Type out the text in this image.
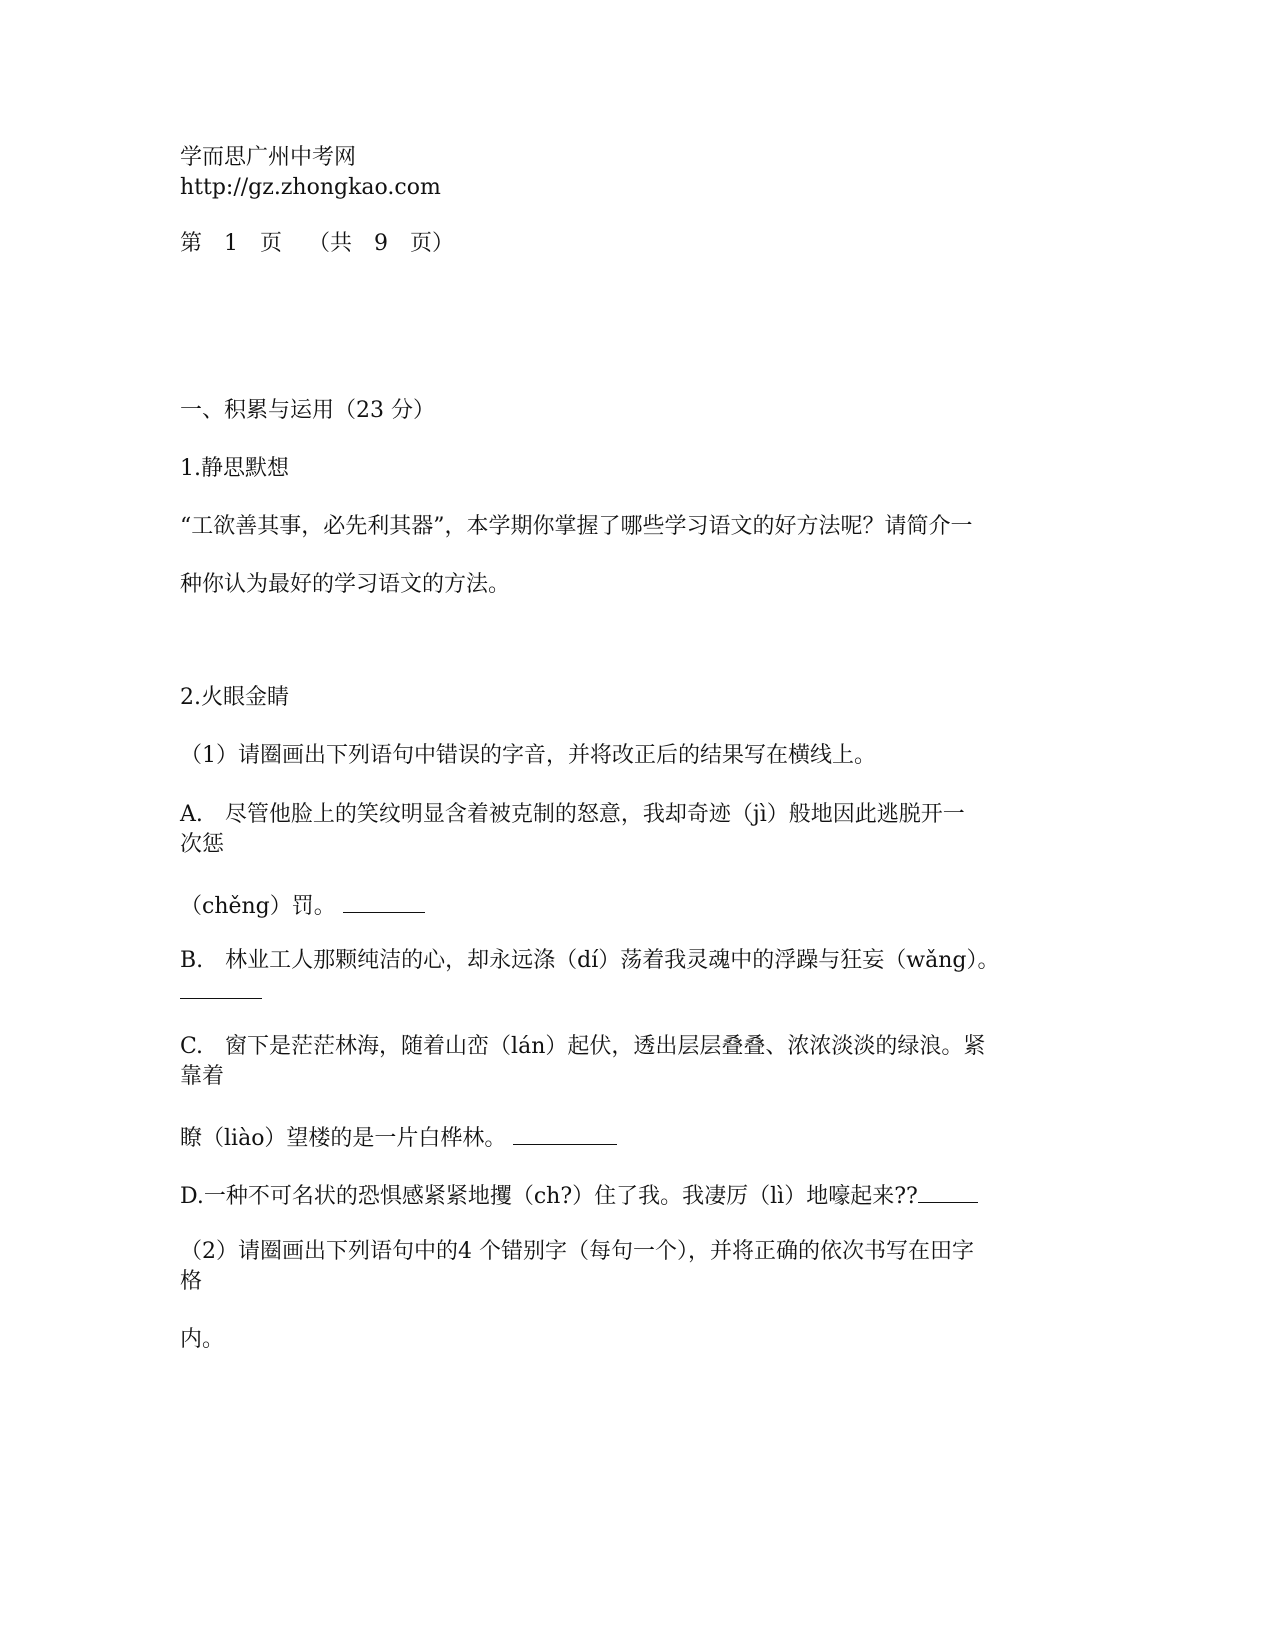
学而思广州中考网
http://gz.zhongkao.com
第 1 页 （共 9 页）
一、积累与运用（23 分）
1.静思默想
“工欲善其事，必先利其器”，本学期你掌握了哪些学习语文的好方法呢？请简介一
种你认为最好的学习语文的方法。
2.火眼金睛
（1）请圈画出下列语句中错误的字音，并将改正后的结果写在横线上。
A.　尽管他脸上的笑纹明显含着被克制的怒意，我却奇迹（jì）般地因此逃脱开一
次惩
（chěng）罚。
B.　林业工人那颗纯洁的心，却永远涤（dí）荡着我灵魂中的浮躁与狂妄（wǎng）。
C.　窗下是茫茫林海，随着山峦（lán）起伏，透出层层叠叠、浓浓淡淡的绿浪。紧
靠着
瞭（liào）望楼的是一片白桦林。
D.一种不可名状的恐惧感紧紧地攫（ch?）住了我。我凄厉（lì）地嚎起来??
（2）请圈画出下列语句中的4 个错别字（每句一个），并将正确的依次书写在田字
格
内。
